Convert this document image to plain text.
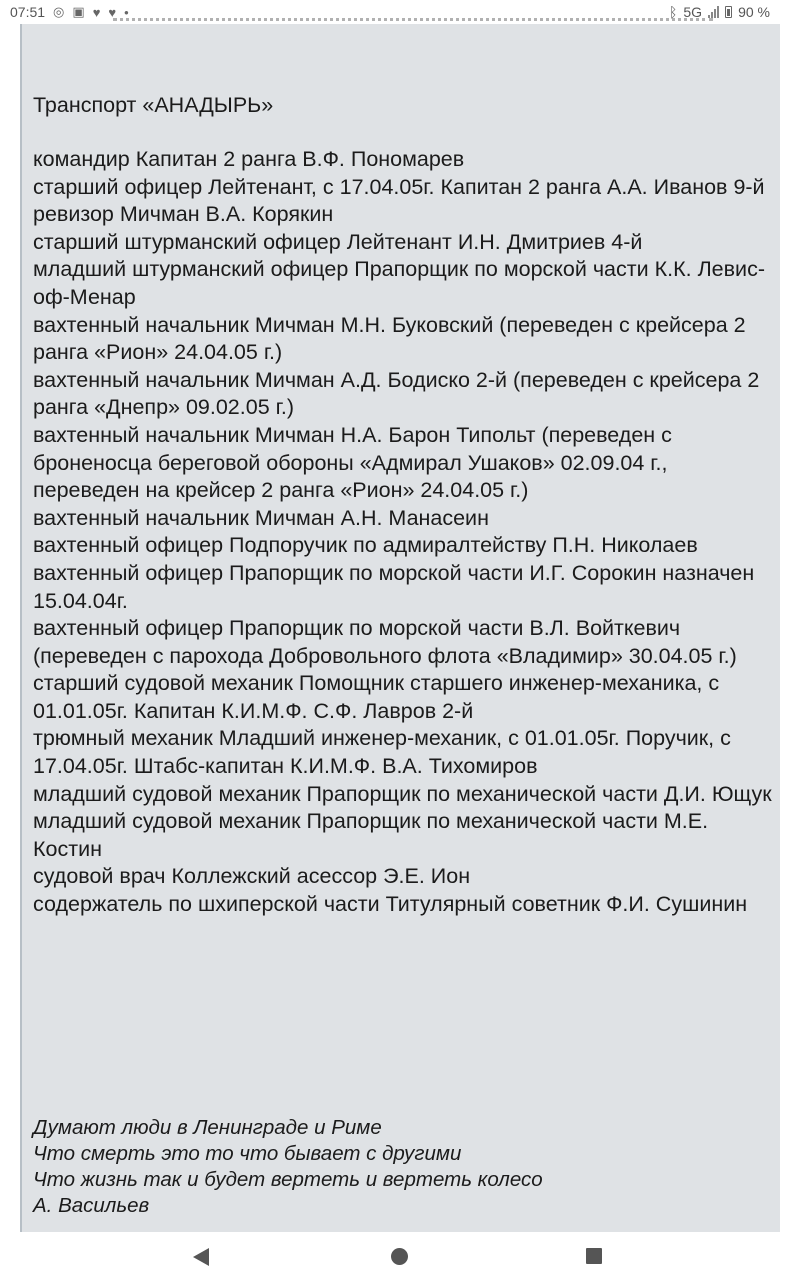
07:51 ◎ ▣ ♥ ♥ •	ᛒ 5G	90 %
Транспорт «АНАДЫРЬ»

командир Капитан 2 ранга В.Ф. Пономарев

старший офицер Лейтенант, с 17.04.05г. Капитан 2 ранга А.А. Иванов 9-й

ревизор Мичман В.А. Корякин

старший штурманский офицер Лейтенант И.Н. Дмитриев 4-й

младший штурманский офицер Прапорщик по морской части К.К. Левис-оф-Менар

вахтенный начальник Мичман М.Н. Буковский (переведен с крейсера 2 ранга «Рион» 24.04.05 г.)

вахтенный начальник Мичман А.Д. Бодиско 2-й (переведен с крейсера 2 ранга «Днепр» 09.02.05 г.)

вахтенный начальник Мичман Н.А. Барон Типольт (переведен с броненосца береговой обороны «Адмирал Ушаков» 02.09.04 г., переведен на крейсер 2 ранга «Рион» 24.04.05 г.)

вахтенный начальник Мичман А.Н. Манасеин

вахтенный офицер Подпоручик по адмиралтейству П.Н. Николаев

вахтенный офицер Прапорщик по морской части И.Г. Сорокин назначен 15.04.04г.

вахтенный офицер Прапорщик по морской части В.Л. Войткевич (переведен с парохода Добровольного флота «Владимир» 30.04.05 г.)

старший судовой механик Помощник старшего инженер-механика, с 01.01.05г. Капитан К.И.М.Ф. С.Ф. Лавров 2-й

трюмный механик Младший инженер-механик, с 01.01.05г. Поручик, с 17.04.05г. Штабс-капитан К.И.М.Ф. В.А. Тихомиров

младший судовой механик Прапорщик по механической части Д.И. Ющук

младший судовой механик Прапорщик по механической части М.Е. Костин

судовой врач Коллежский асессор Э.Е. Ион

содержатель по шхиперской части Титулярный советник Ф.И. Сушинин

Думают люди в Ленинграде и Риме
Что смерть это то что бывает с другими
Что жизнь так и будет вертеть и вертеть колесо
А. Васильев
